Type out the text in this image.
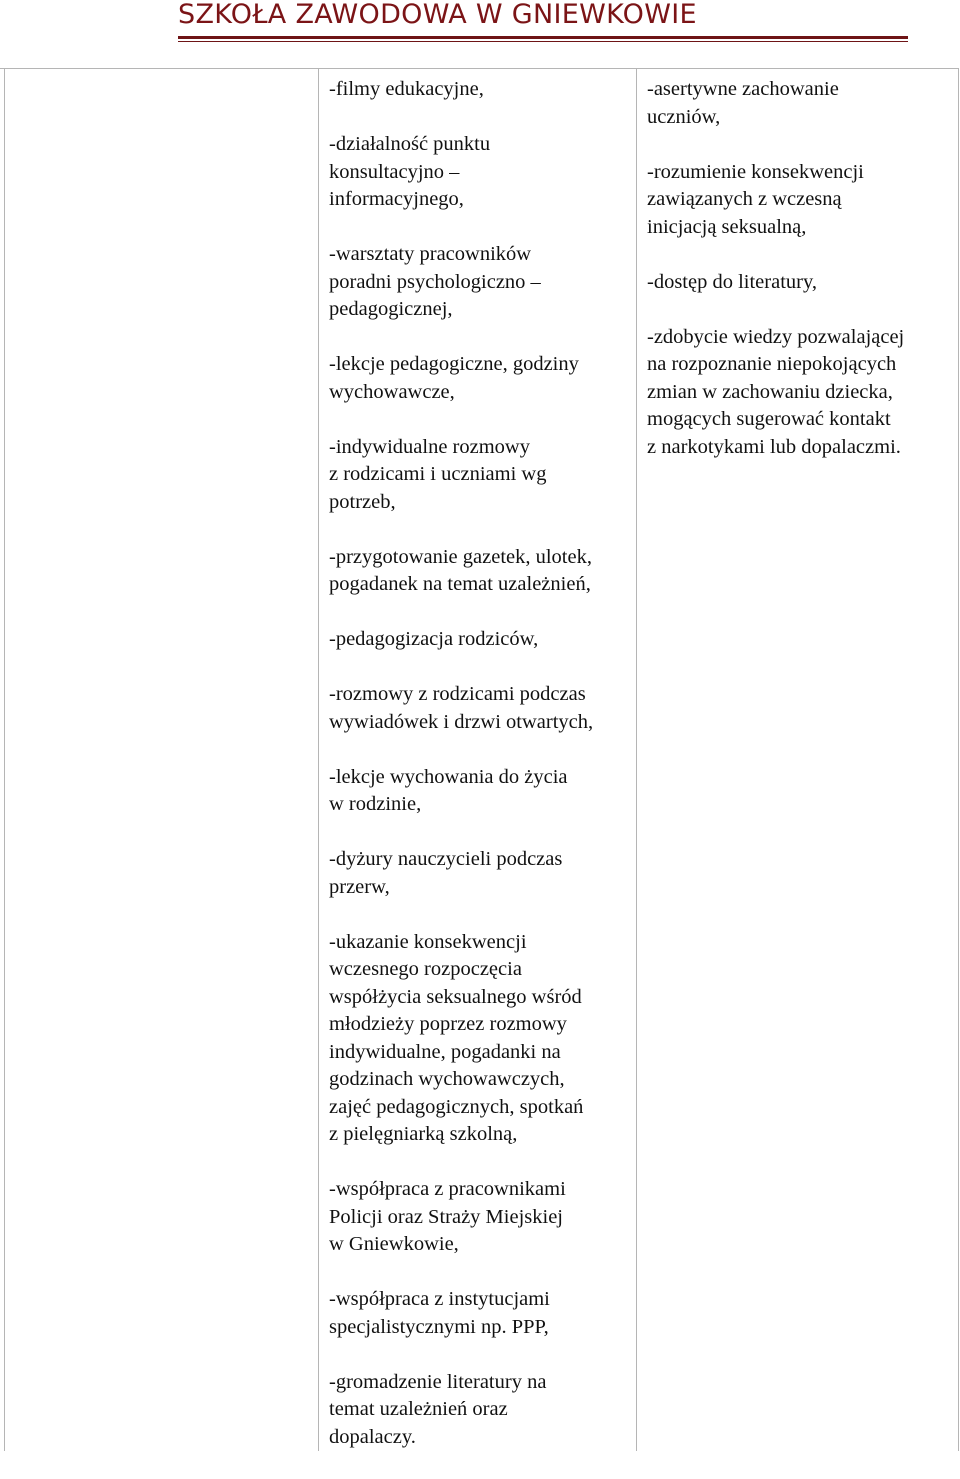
SZKOŁA ZAWODOWA W GNIEWKOWIE
-filmy edukacyjne,
-działalność punktu
konsultacyjno –
informacyjnego,
-warsztaty pracowników
poradni psychologiczno –
pedagogicznej,
-lekcje pedagogiczne, godziny
wychowawcze,
-indywidualne rozmowy
z rodzicami i uczniami wg
potrzeb,
-przygotowanie gazetek, ulotek,
pogadanek na temat uzależnień,
-pedagogizacja rodziców,
-rozmowy z rodzicami podczas
wywiadówek i drzwi otwartych,
-lekcje wychowania do życia
w rodzinie,
-dyżury nauczycieli podczas
przerw,
-ukazanie konsekwencji
wczesnego rozpoczęcia
współżycia seksualnego wśród
młodzieży poprzez rozmowy
indywidualne, pogadanki na
godzinach wychowawczych,
zajęć pedagogicznych, spotkań
z pielęgniarką szkolną,
-współpraca z pracownikami
Policji oraz Straży Miejskiej
w Gniewkowie,
-współpraca z instytucjami
specjalistycznymi np. PPP,
-gromadzenie literatury na
temat uzależnień oraz
dopalaczy.
-asertywne zachowanie
uczniów,
-rozumienie konsekwencji
zawiązanych z wczesną
inicjacją seksualną,
-dostęp do literatury,
-zdobycie wiedzy pozwalającej
na rozpoznanie niepokojących
zmian w zachowaniu dziecka,
mogących sugerować kontakt
z narkotykami lub dopalaczmi.
